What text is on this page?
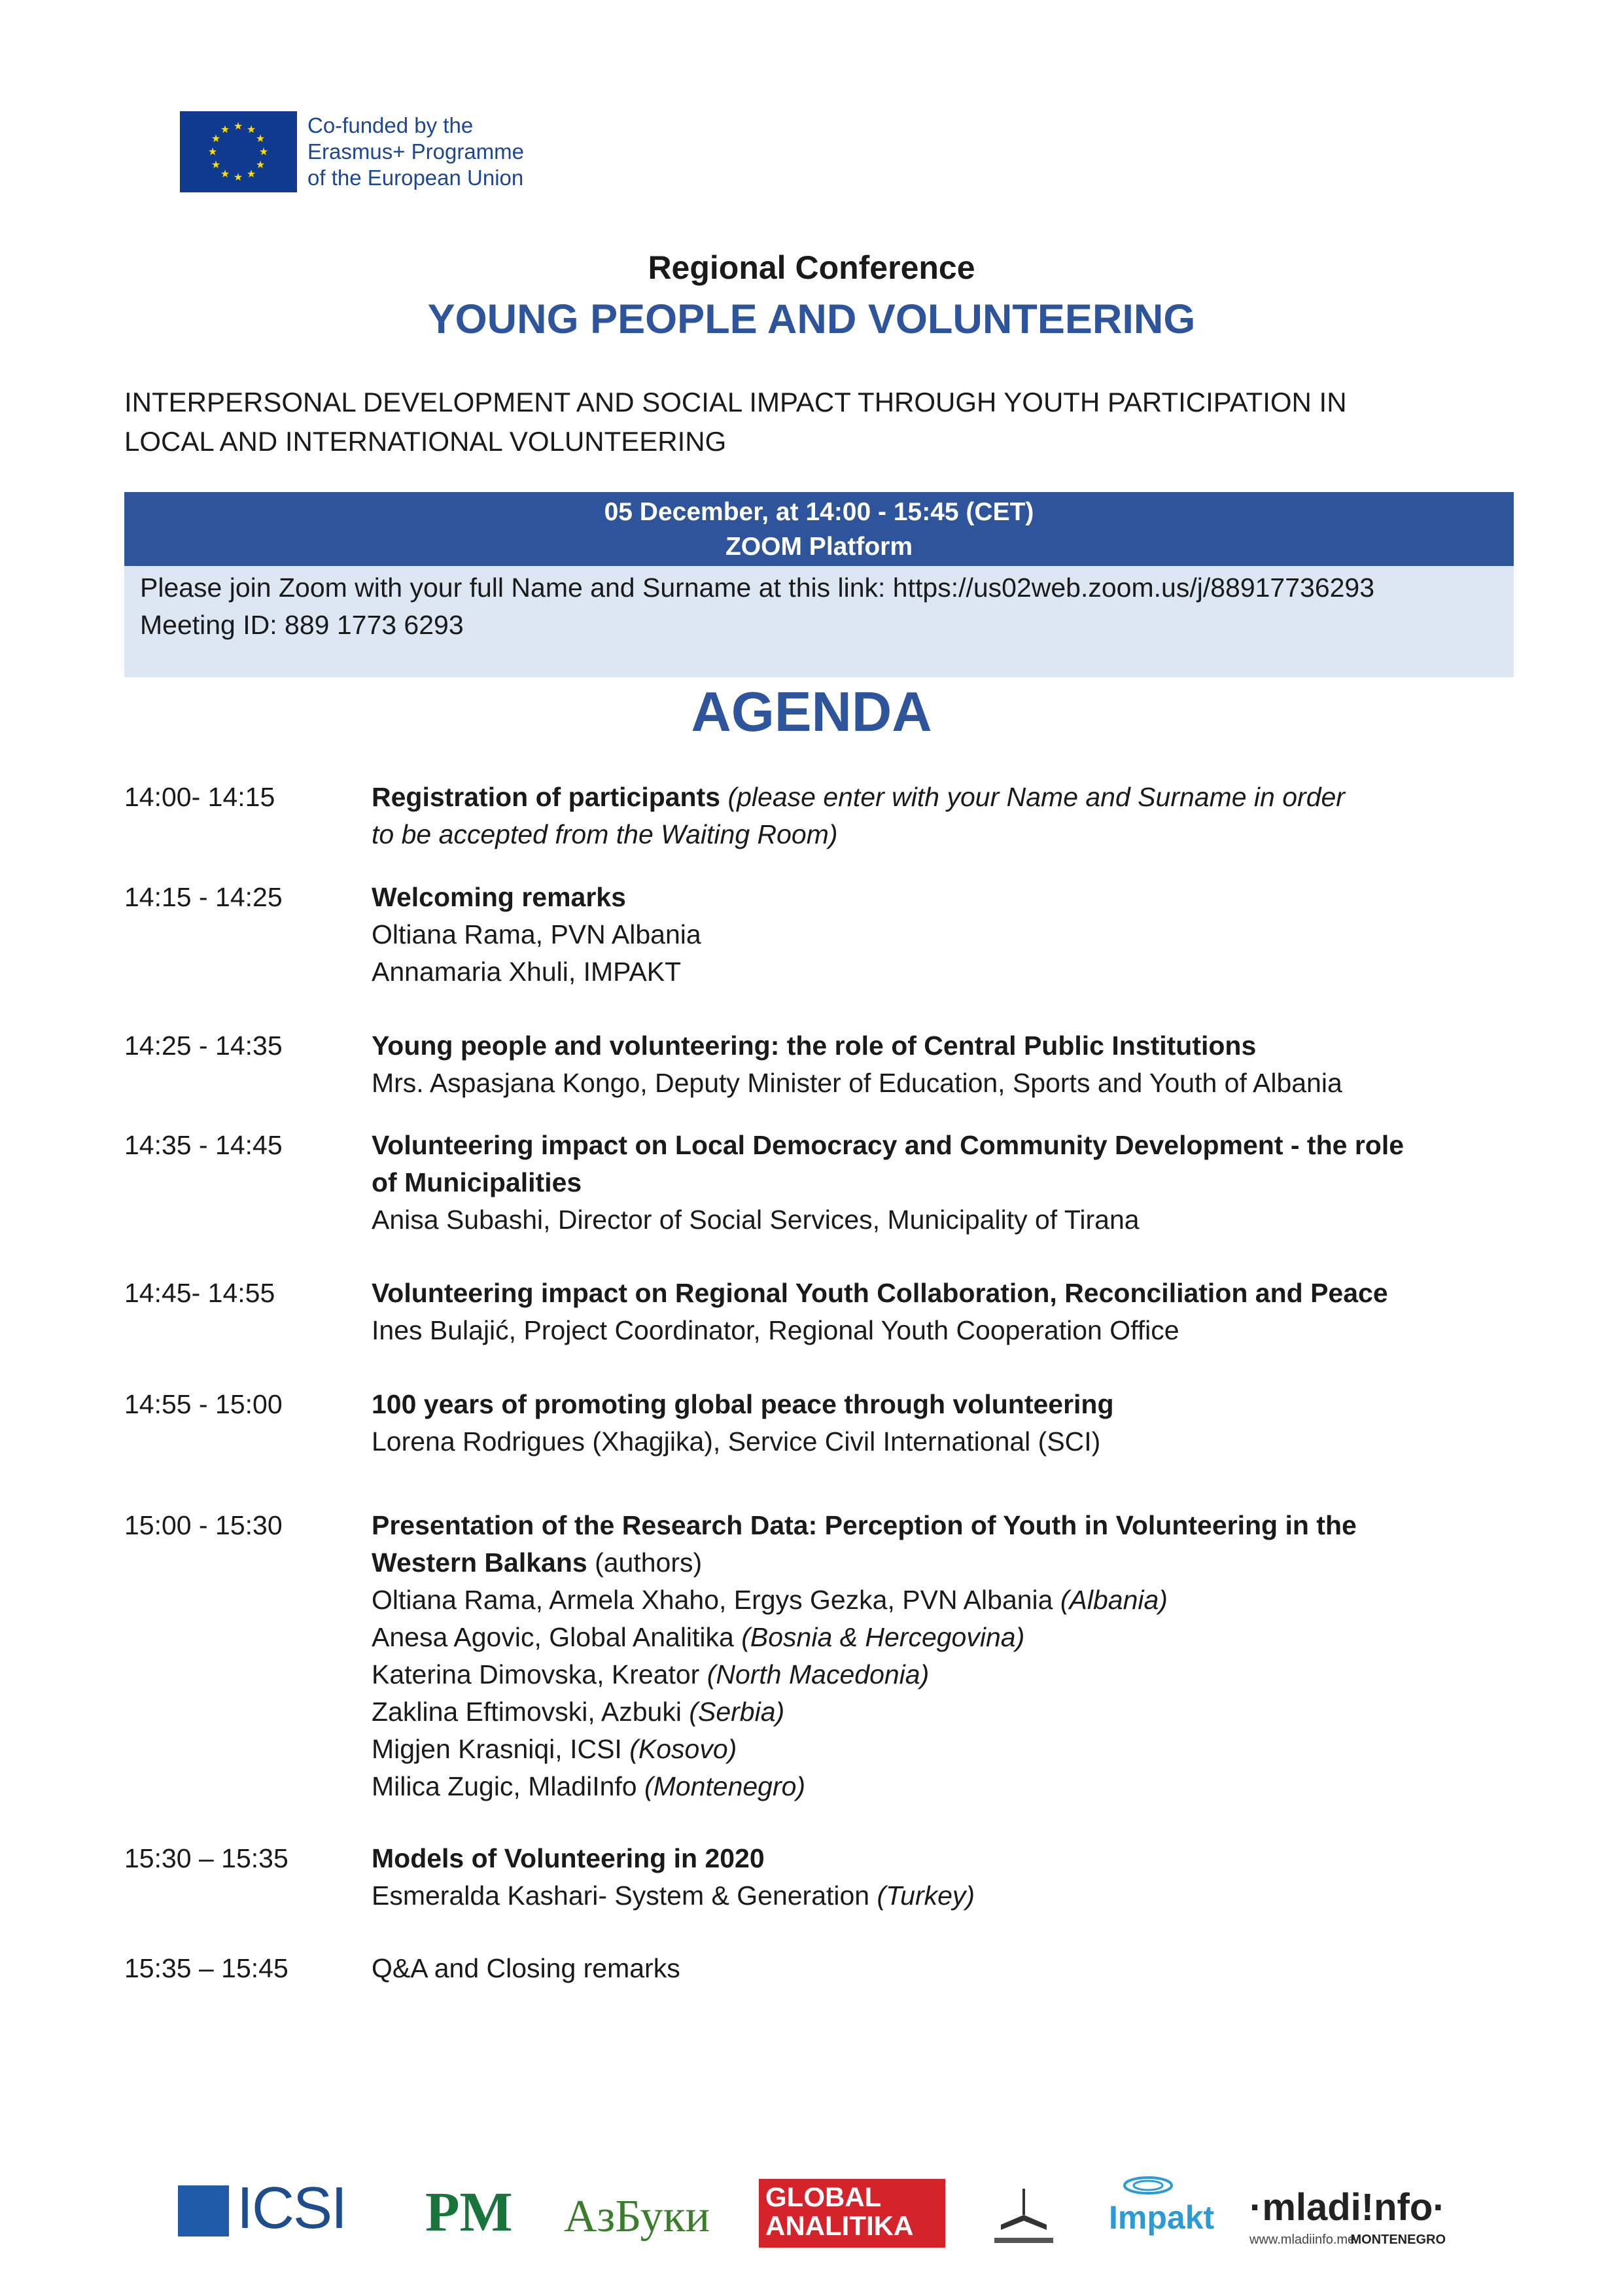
★ ★
★
★
★
★
★
★
★
★
★
★	Co-funded by the
Erasmus+ Programme
of the European Union
Regional Conference
YOUNG PEOPLE AND VOLUNTEERING
INTERPERSONAL DEVELOPMENT AND SOCIAL IMPACT THROUGH YOUTH PARTICIPATION IN
LOCAL AND INTERNATIONAL VOLUNTEERING
05 December, at 14:00 - 15:45 (CET)
ZOOM Platform
Please join Zoom with your full Name and Surname at this link: https://us02web.zoom.us/j/88917736293
Meeting ID: 889 1773 6293
AGENDA
14:00- 14:15	Registration of participants (please enter with your Name and Surname in order
to be accepted from the Waiting Room)
14:15 - 14:25	Welcoming remarks
Oltiana Rama, PVN Albania
Annamaria Xhuli, IMPAKT
14:25 - 14:35	Young people and volunteering: the role of Central Public Institutions
Mrs. Aspasjana Kongo, Deputy Minister of Education, Sports and Youth of Albania
14:35 - 14:45	Volunteering impact on Local Democracy and Community Development - the role
of Municipalities
Anisa Subashi, Director of Social Services, Municipality of Tirana
14:45- 14:55	Volunteering impact on Regional Youth Collaboration, Reconciliation and Peace
Ines Bulajić, Project Coordinator, Regional Youth Cooperation Office
14:55 - 15:00	100 years of promoting global peace through volunteering
Lorena Rodrigues (Xhagjika), Service Civil International (SCI)
15:00 - 15:30	Presentation of the Research Data: Perception of Youth in Volunteering in the
Western Balkans (authors)
Oltiana Rama, Armela Xhaho, Ergys Gezka, PVN Albania (Albania)
Anesa Agovic, Global Analitika (Bosnia & Hercegovina)
Katerina Dimovska, Kreator (North Macedonia)
Zaklina Eftimovski, Azbuki (Serbia)
Migjen Krasniqi, ICSI (Kosovo)
Milica Zugic, MladiInfo (Montenegro)
15:30 – 15:35	Models of Volunteering in 2020
Esmeralda Kashari- System & Generation (Turkey)
15:35 – 15:45	Q&A and Closing remarks
ICSI PM АзБуки GLOBAL
ANALITIKA	Impakt ·mladi!nfo·
www.mladiinfo.me
MONTENEGRO
